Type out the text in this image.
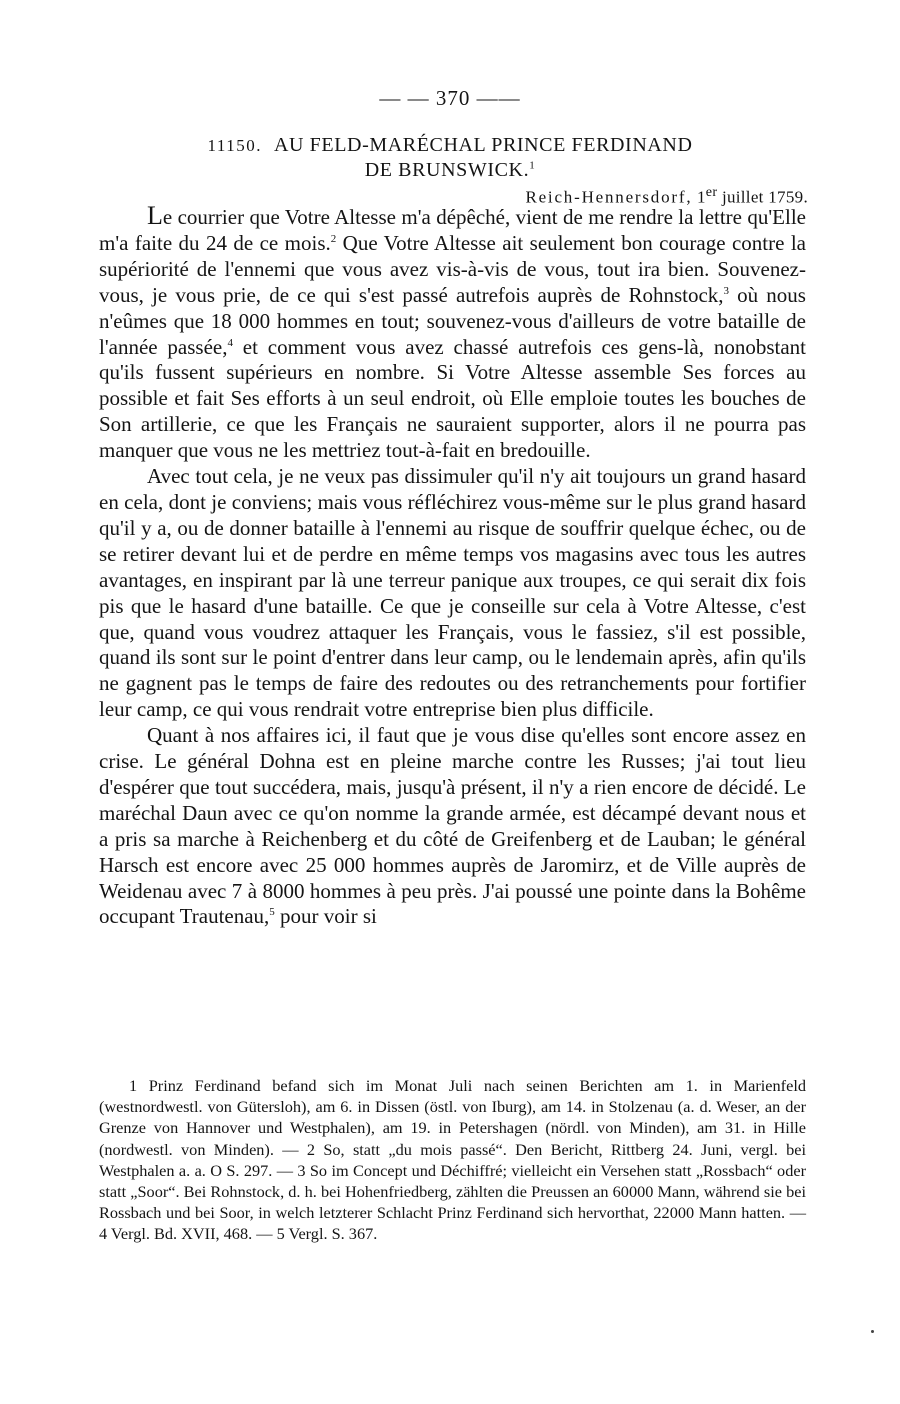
— — 370 ——
11150. AU FELD-MARÉCHAL PRINCE FERDINAND
DE BRUNSWICK.$^1$
Reich-Hennersdorf, 1er juillet 1759.

Le courrier que Votre Altesse m'a dépêché, vient de me rendre la lettre qu'Elle m'a faite du 24 de ce mois.$^2$ Que Votre Altesse ait seulement bon courage contre la supériorité de l'ennemi que vous avez vis-à-vis de vous, tout ira bien. Souvenez-vous, je vous prie, de ce qui s'est passé autrefois auprès de Rohnstock,$^3$ où nous n'eûmes que 18 000 hommes en tout; souvenez-vous d'ailleurs de votre bataille de l'année passée,$^4$ et comment vous avez chassé autrefois ces gens-là, nonobstant qu'ils fussent supérieurs en nombre. Si Votre Altesse assemble Ses forces au possible et fait Ses efforts à un seul endroit, où Elle emploie toutes les bouches de Son artillerie, ce que les Français ne sauraient supporter, alors il ne pourra pas manquer que vous ne les mettriez tout-à-fait en bredouille.

Avec tout cela, je ne veux pas dissimuler qu'il n'y ait toujours un grand hasard en cela, dont je conviens; mais vous réfléchirez vous-même sur le plus grand hasard qu'il y a, ou de donner bataille à l'ennemi au risque de souffrir quelque échec, ou de se retirer devant lui et de perdre en même temps vos magasins avec tous les autres avantages, en inspirant par là une terreur panique aux troupes, ce qui serait dix fois pis que le hasard d'une bataille. Ce que je conseille sur cela à Votre Altesse, c'est que, quand vous voudrez attaquer les Français, vous le fassiez, s'il est possible, quand ils sont sur le point d'entrer dans leur camp, ou le lendemain après, afin qu'ils ne gagnent pas le temps de faire des redoutes ou des retranchements pour fortifier leur camp, ce qui vous rendrait votre entreprise bien plus difficile.

Quant à nos affaires ici, il faut que je vous dise qu'elles sont encore assez en crise. Le général Dohna est en pleine marche contre les Russes; j'ai tout lieu d'espérer que tout succédera, mais, jusqu'à présent, il n'y a rien encore de décidé. Le maréchal Daun avec ce qu'on nomme la grande armée, est décampé devant nous et a pris sa marche à Reichenberg et du côté de Greifenberg et de Lauban; le général Harsch est encore avec 25 000 hommes auprès de Jaromirz, et de Ville auprès de Weidenau avec 7 à 8000 hommes à peu près. J'ai poussé une pointe dans la Bohême occupant Trautenau,$^5$ pour voir si

1 Prinz Ferdinand befand sich im Monat Juli nach seinen Berichten am 1. in Marienfeld (westnordwestl. von Gütersloh), am 6. in Dissen (östl. von Iburg), am 14. in Stolzenau (a. d. Weser, an der Grenze von Hannover und Westphalen), am 19. in Petershagen (nördl. von Minden), am 31. in Hille (nordwestl. von Minden). — 2 So, statt „du mois passé“. Den Bericht, Rittberg 24. Juni, vergl. bei Westphalen a. a. O S. 297. — 3 So im Concept und Déchiffré; vielleicht ein Versehen statt „Rossbach“ oder statt „Soor“. Bei Rohnstock, d. h. bei Hohenfriedberg, zählten die Preussen an 60000 Mann, während sie bei Rossbach und bei Soor, in welch letzterer Schlacht Prinz Ferdinand sich hervorthat, 22000 Mann hatten. — 4 Vergl. Bd. XVII, 468. — 5 Vergl. S. 367.
